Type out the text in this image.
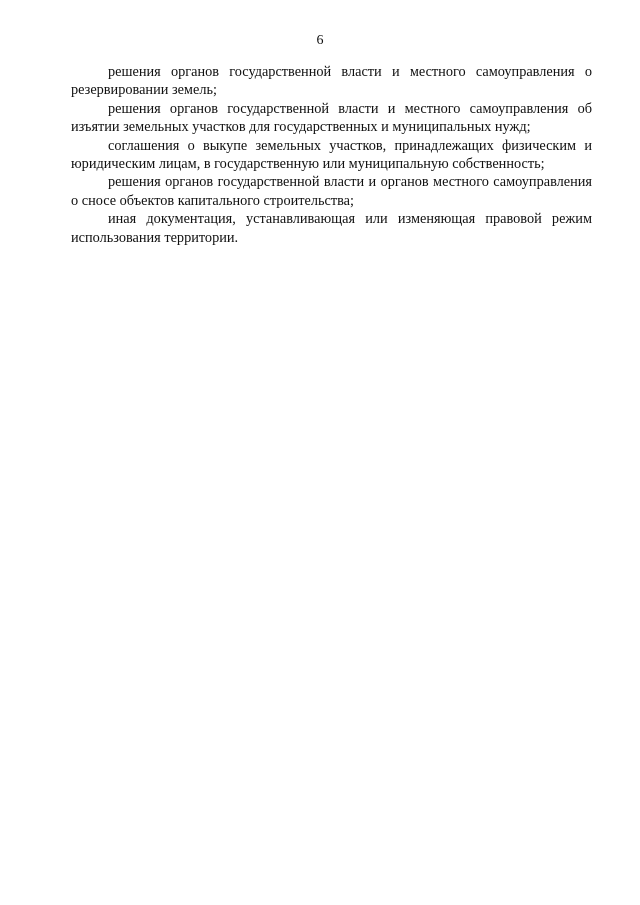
6

решения органов государственной власти и местного самоуправления о резервировании земель;

решения органов государственной власти и местного самоуправления об изъятии земельных участков для государственных и муниципальных нужд;

соглашения о выкупе земельных участков, принадлежащих физическим и юридическим лицам, в государственную или муниципальную собственность;

решения органов государственной власти и органов местного самоуправления о сносе объектов капитального строительства;

иная документация, устанавливающая или изменяющая правовой режим использования территории.
